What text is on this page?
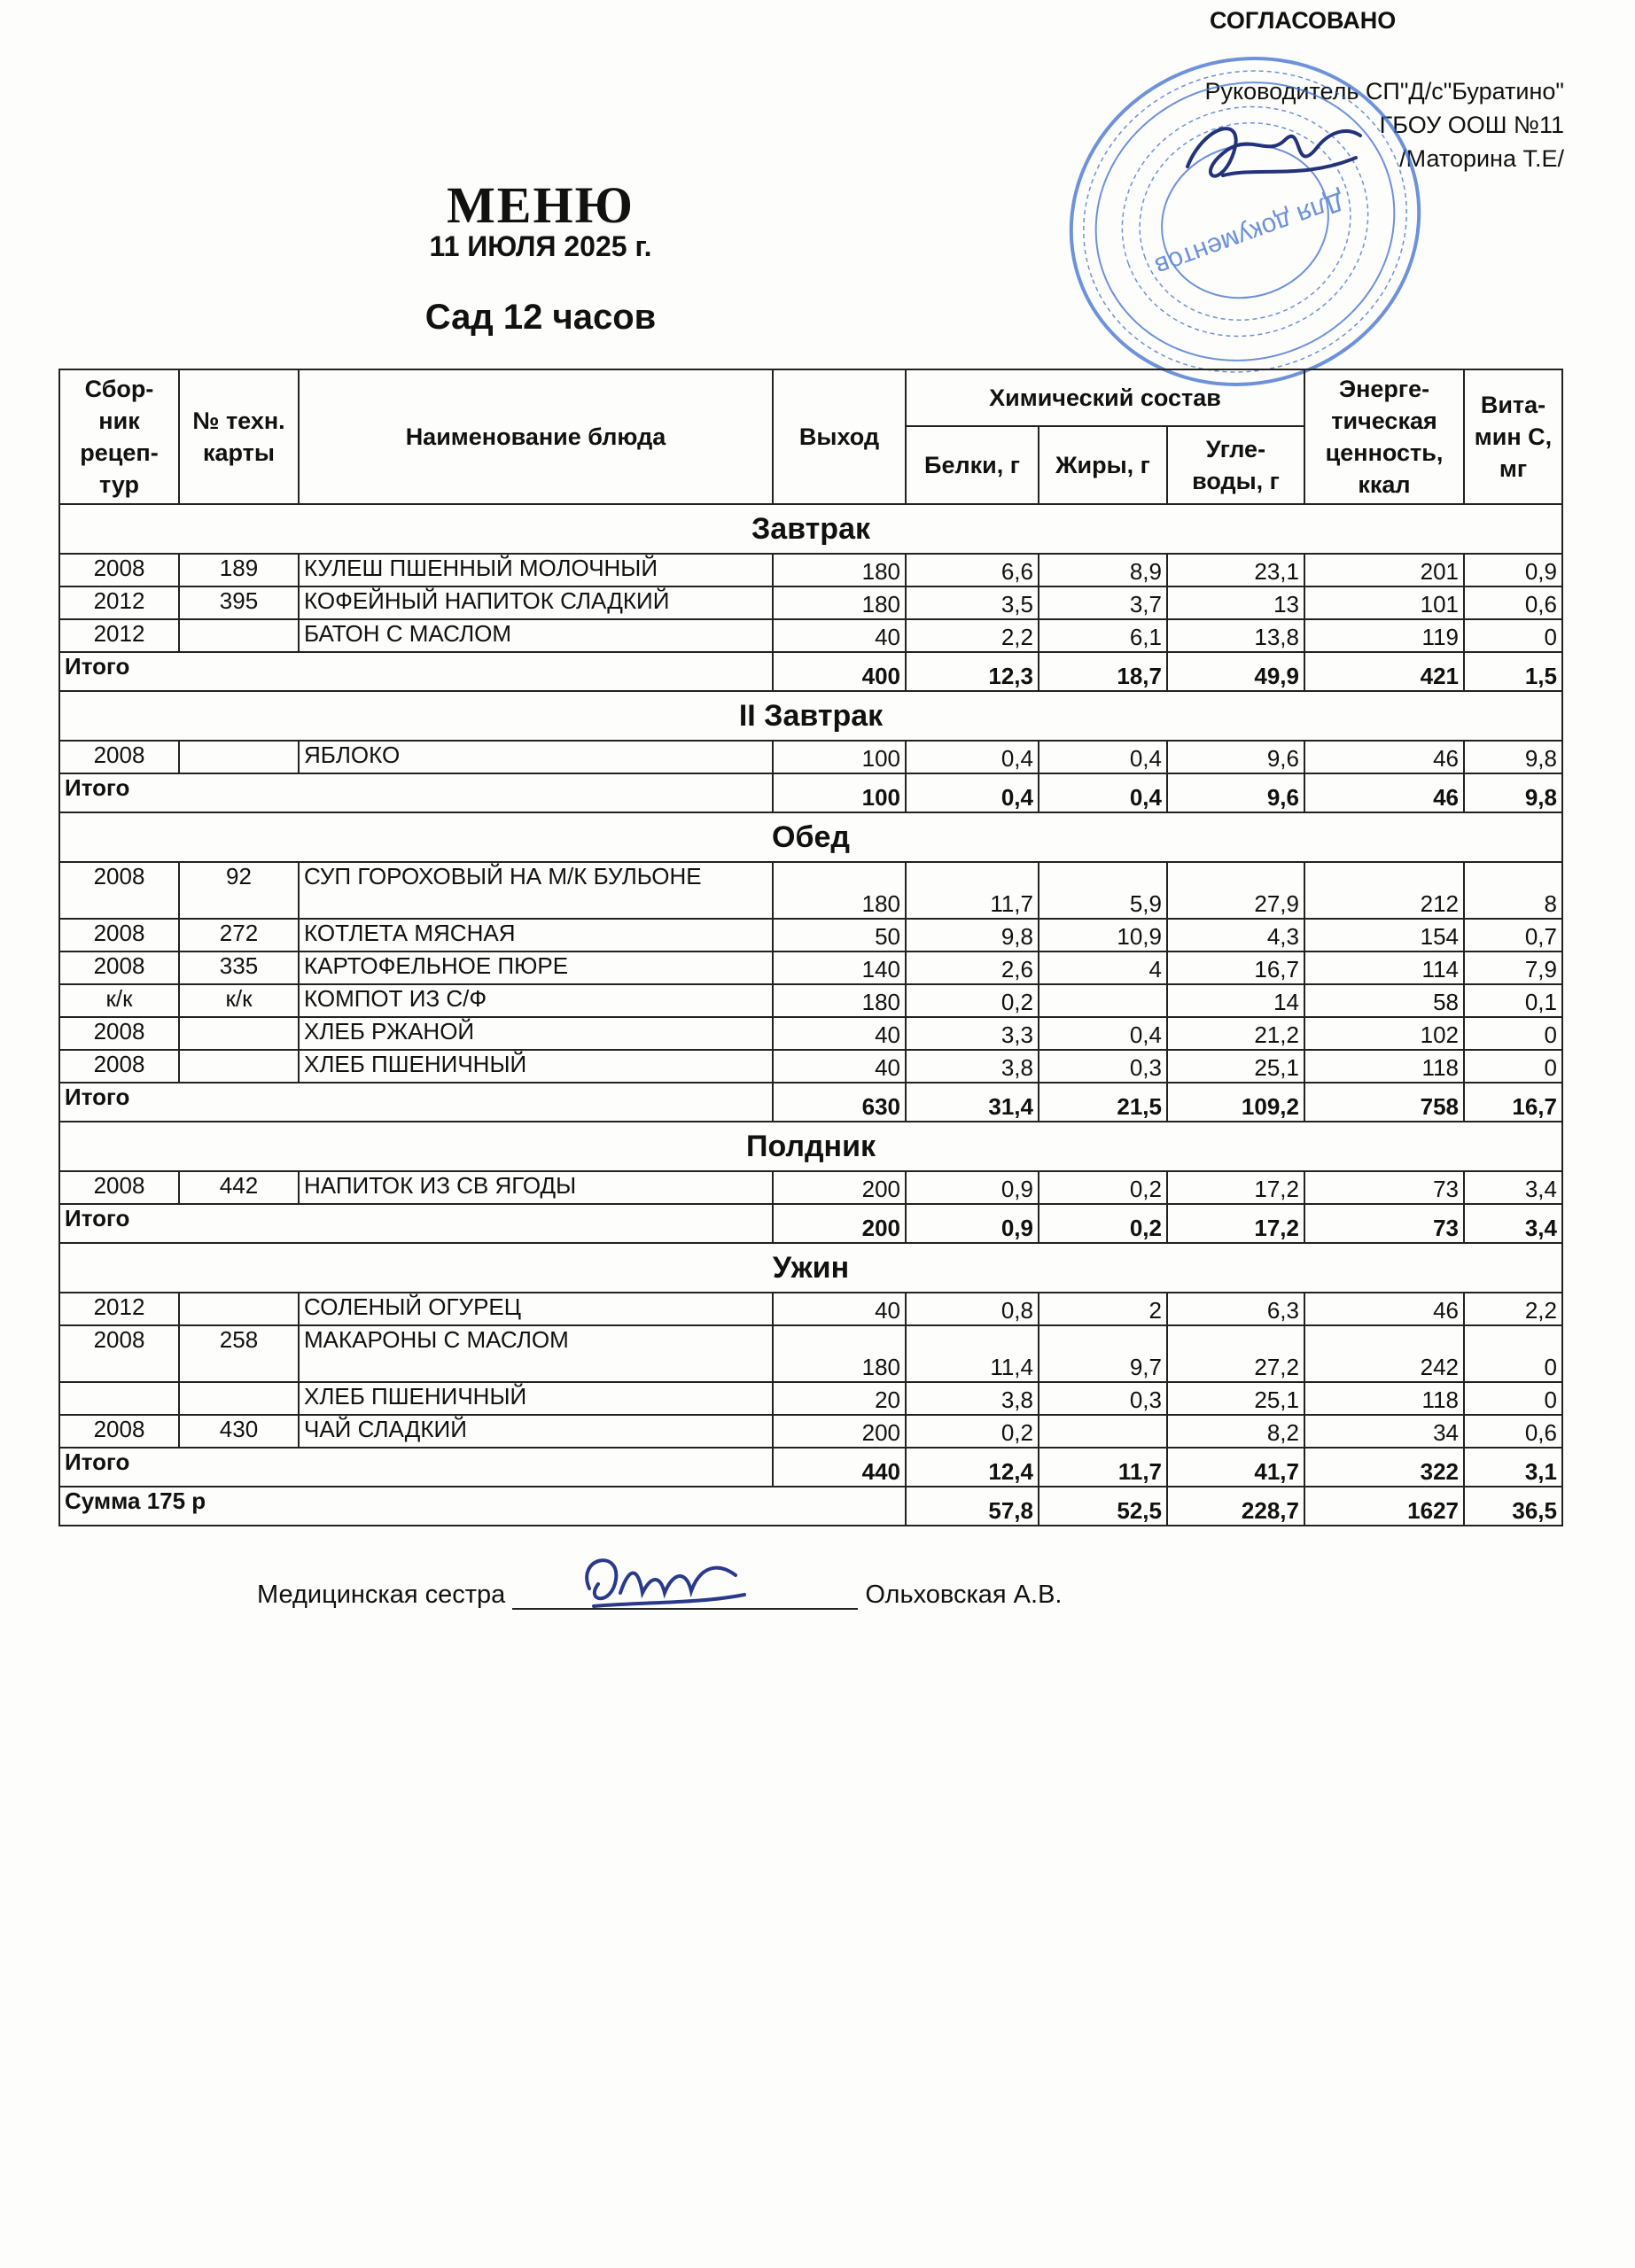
СОГЛАСОВАНО
Руководитель СП"Д/с"Буратино"
ГБОУ ООШ №11
/Маторина Т.Е/
Для документов
МЕНЮ
11 ИЮЛЯ 2025 г.
Сад 12 часов
Сбор-ник рецеп-тур	№ техн. карты	Наименование блюда	Выход	Химический состав			Энерге-тическая ценность, ккал	Вита-мин С, мг
				Белки, г	Жиры, г	Угле-воды, г		
Завтрак								
2008	189	КУЛЕШ ПШЕННЫЙ МОЛОЧНЫЙ	180	6,6	8,9	23,1	201	0,9
2012	395	КОФЕЙНЫЙ НАПИТОК СЛАДКИЙ	180	3,5	3,7	13	101	0,6
2012		БАТОН С МАСЛОМ	40	2,2	6,1	13,8	119	0
Итого			400	12,3	18,7	49,9	421	1,5
II Завтрак								
2008		ЯБЛОКО	100	0,4	0,4	9,6	46	9,8
Итого			100	0,4	0,4	9,6	46	9,8
Обед								
2008	92	СУП ГОРОХОВЫЙ НА М/К БУЛЬОНЕ	180	11,7	5,9	27,9	212	8
2008	272	КОТЛЕТА МЯСНАЯ	50	9,8	10,9	4,3	154	0,7
2008	335	КАРТОФЕЛЬНОЕ ПЮРЕ	140	2,6	4	16,7	114	7,9
к/к	к/к	КОМПОТ ИЗ С/Ф	180	0,2		14	58	0,1
2008		ХЛЕБ РЖАНОЙ	40	3,3	0,4	21,2	102	0
2008		ХЛЕБ ПШЕНИЧНЫЙ	40	3,8	0,3	25,1	118	0
Итого			630	31,4	21,5	109,2	758	16,7
Полдник								
2008	442	НАПИТОК ИЗ СВ ЯГОДЫ	200	0,9	0,2	17,2	73	3,4
Итого			200	0,9	0,2	17,2	73	3,4
Ужин								
2012		СОЛЕНЫЙ ОГУРЕЦ	40	0,8	2	6,3	46	2,2
2008	258	МАКАРОНЫ С МАСЛОМ	180	11,4	9,7	27,2	242	0
		ХЛЕБ ПШЕНИЧНЫЙ	20	3,8	0,3	25,1	118	0
2008	430	ЧАЙ СЛАДКИЙ	200	0,2		8,2	34	0,6
Итого			440	12,4	11,7	41,7	322	3,1
Сумма 175 р				57,8	52,5	228,7	1627	36,5
Медицинская сестра	Ольховская А.В.
